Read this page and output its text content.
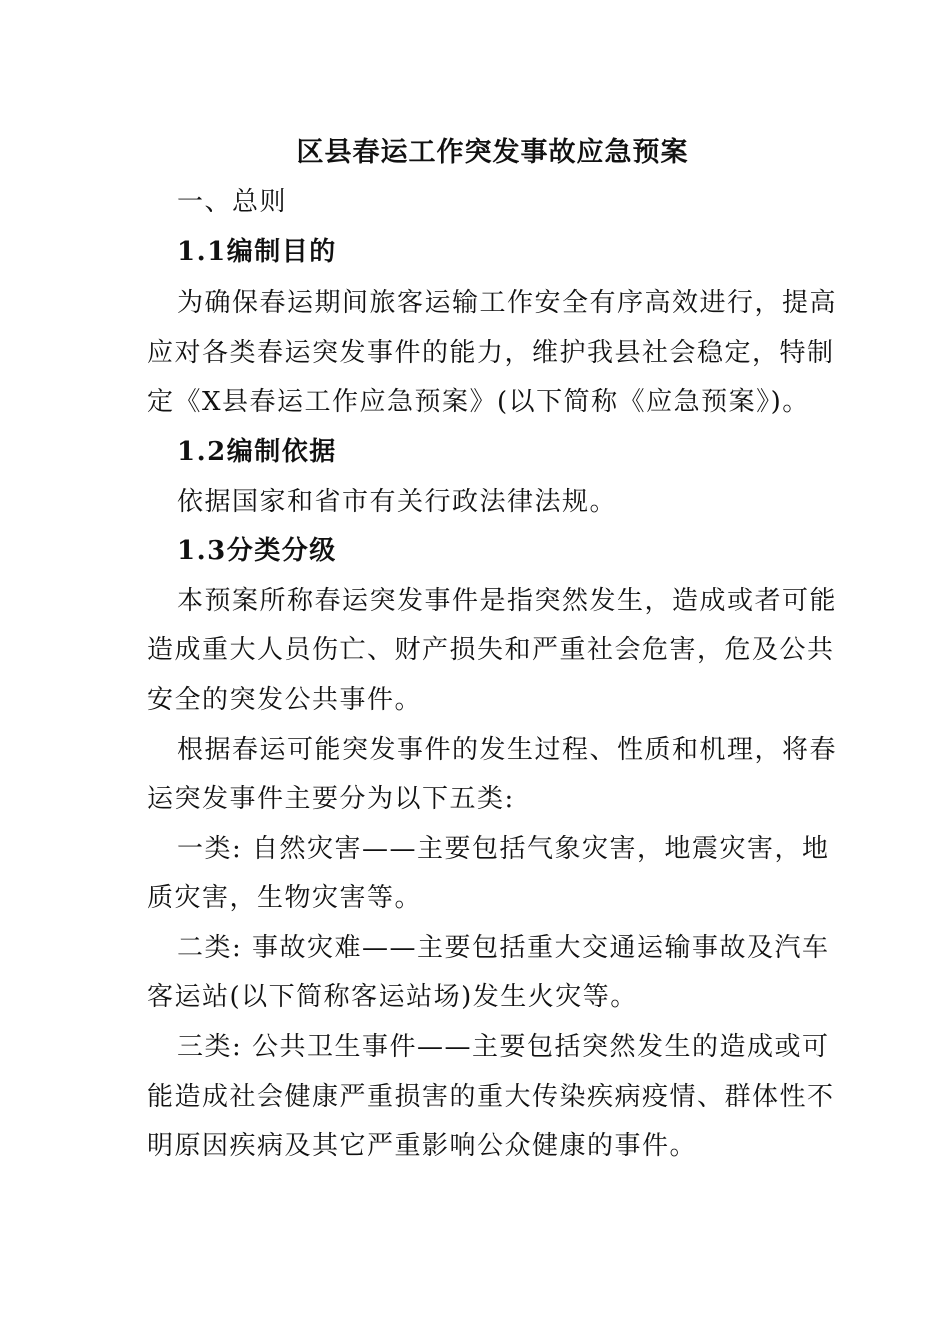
区县春运工作突发事故应急预案
一、总则
1.1编制目的
为确保春运期间旅客运输工作安全有序高效进行，提高
应对各类春运突发事件的能力，维护我县社会稳定，特制
定《X县春运工作应急预案》(以下简称《应急预案》)。
1.2编制依据
依据国家和省市有关行政法律法规。
1.3分类分级
本预案所称春运突发事件是指突然发生，造成或者可能
造成重大人员伤亡、财产损失和严重社会危害，危及公共
安全的突发公共事件。
根据春运可能突发事件的发生过程、性质和机理，将春
运突发事件主要分为以下五类:
一类: 自然灾害——主要包括气象灾害，地震灾害，地
质灾害，生物灾害等。
二类: 事故灾难——主要包括重大交通运输事故及汽车
客运站(以下简称客运站场)发生火灾等。
三类: 公共卫生事件——主要包括突然发生的造成或可
能造成社会健康严重损害的重大传染疾病疫情、群体性不
明原因疾病及其它严重影响公众健康的事件。
